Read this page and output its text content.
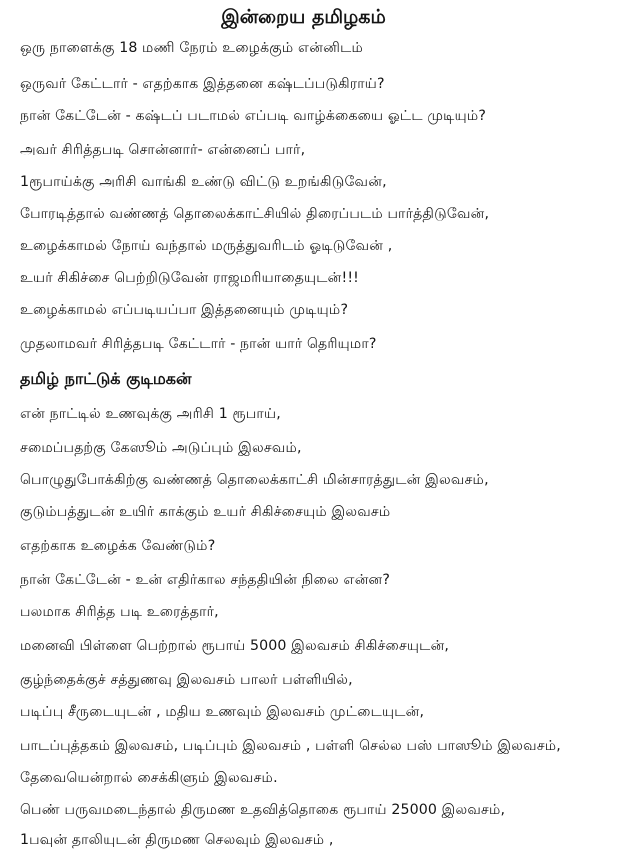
இன்றைய தமிழகம்
ஒரு நாளைக்கு 18 மணி நேரம் உழைக்கும் என்னிடம்
ஒருவர் கேட்டார் - எதற்காக இத்தனை கஷ்டப்படுகிராய்?
நான் கேட்டேன் - கஷ்டப் படாமல் எப்படி வாழ்க்கையை ஓட்ட முடியும்?
அவர் சிரித்தபடி சொன்னார்- என்னைப் பார்,
1ரூபாய்க்கு அரிசி வாங்கி உண்டு விட்டு உறங்கிடுவேன்,
போரடித்தால் வண்ணத் தொலைக்காட்சியில் திரைப்படம் பார்த்திடுவேன்,
உழைக்காமல் நோய் வந்தால் மருத்துவரிடம் ஓடிடுவேன் ,
உயர் சிகிச்சை பெற்றிடுவேன் ராஜமரியாதையுடன்!!!
உழைக்காமல் எப்படியப்பா இத்தனையும் முடியும்?
முதலாமவர் சிரித்தபடி கேட்டார் - நான் யார் தெரியுமா?
தமிழ் நாட்டுக் குடிமகன்
என் நாட்டில் உணவுக்கு அரிசி 1 ரூபாய்,
சமைப்பதற்கு கேஸூம் அடுப்பும் இலசவம்,
பொழுதுபோக்கிற்கு வண்ணத் தொலைக்காட்சி மின்சாரத்துடன் இலவசம்,
குடும்பத்துடன் உயிர் காக்கும் உயர் சிகிச்சையும் இலவசம்
எதற்காக உழைக்க வேண்டும்?
நான் கேட்டேன் - உன் எதிர்கால சந்ததியின் நிலை என்ன?
பலமாக சிரித்த படி உரைத்தார்,
மனைவி பிள்ளை பெற்றால் ரூபாய் 5000 இலவசம் சிகிச்சையுடன்,
குழ்ந்தைக்குச் சத்துணவு இலவசம் பாலர் பள்ளியில்,
படிப்பு சீருடையுடன் , மதிய உணவும் இலவசம் முட்டையுடன்,
பாடப்புத்தகம் இலவசம், படிப்பும் இலவசம் , பள்ளி செல்ல பஸ் பாஸூம் இலவசம்,
தேவையென்றால் சைக்கிளும் இலவசம்.
பெண் பருவமடைந்தால் திருமண உதவித்தொகை ரூபாய் 25000 இலவசம்,
1பவுன் தாலியுடன் திருமண செலவும் இலவசம் ,
